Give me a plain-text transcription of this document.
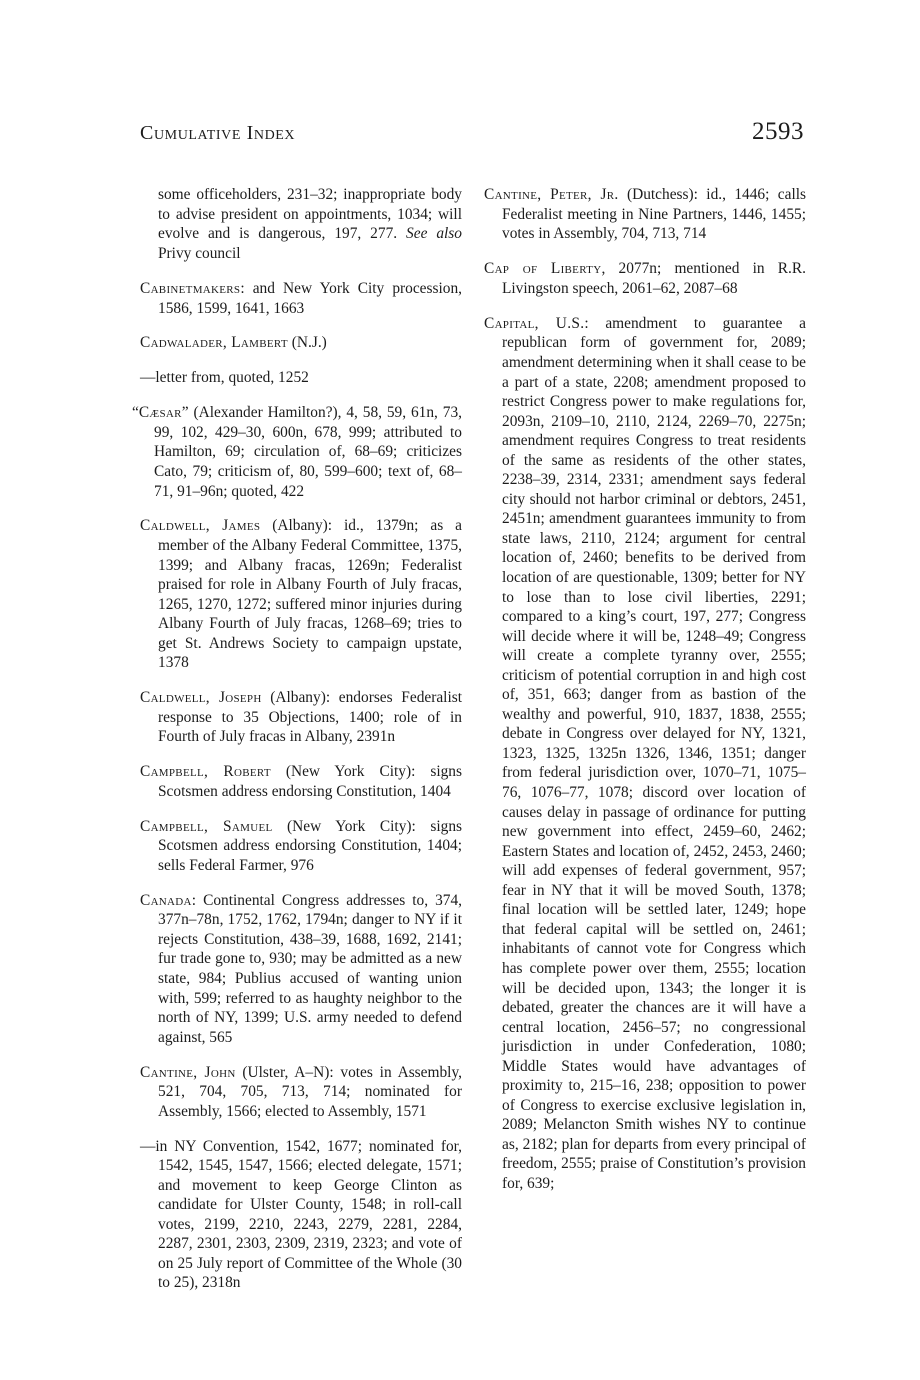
Cumulative Index	2593

some officeholders, 231–32; inappropriate body to advise president on appointments, 1034; will evolve and is dangerous, 197, 277. See also Privy council

Cabinetmakers: and New York City procession, 1586, 1599, 1641, 1663

Cadwalader, Lambert (N.J.)

—letter from, quoted, 1252

“Cæsar” (Alexander Hamilton?), 4, 58, 59, 61n, 73, 99, 102, 429–30, 600n, 678, 999; attributed to Hamilton, 69; circulation of, 68–69; criticizes Cato, 79; criticism of, 80, 599–600; text of, 68–71, 91–96n; quoted, 422

Caldwell, James (Albany): id., 1379n; as a member of the Albany Federal Committee, 1375, 1399; and Albany fracas, 1269n; Federalist praised for role in Albany Fourth of July fracas, 1265, 1270, 1272; suffered minor injuries during Albany Fourth of July fracas, 1268–69; tries to get St. Andrews Society to campaign upstate, 1378

Caldwell, Joseph (Albany): endorses Federalist response to 35 Objections, 1400; role of in Fourth of July fracas in Albany, 2391n

Campbell, Robert (New York City): signs Scotsmen address endorsing Constitution, 1404

Campbell, Samuel (New York City): signs Scotsmen address endorsing Constitution, 1404; sells Federal Farmer, 976

Canada: Continental Congress addresses to, 374, 377n–78n, 1752, 1762, 1794n; danger to NY if it rejects Constitution, 438–39, 1688, 1692, 2141; fur trade gone to, 930; may be admitted as a new state, 984; Publius accused of wanting union with, 599; referred to as haughty neighbor to the north of NY, 1399; U.S. army needed to defend against, 565

Cantine, John (Ulster, A–N): votes in Assembly, 521, 704, 705, 713, 714; nominated for Assembly, 1566; elected to Assembly, 1571

—in NY Convention, 1542, 1677; nominated for, 1542, 1545, 1547, 1566; elected delegate, 1571; and movement to keep George Clinton as candidate for Ulster County, 1548; in roll-call votes, 2199, 2210, 2243, 2279, 2281, 2284, 2287, 2301, 2303, 2309, 2319, 2323; and vote of on 25 July report of Committee of the Whole (30 to 25), 2318n

Cantine, Peter, Jr. (Dutchess): id., 1446; calls Federalist meeting in Nine Partners, 1446, 1455; votes in Assembly, 704, 713, 714

Cap of Liberty, 2077n; mentioned in R.R. Livingston speech, 2061–62, 2087–68

Capital, U.S.: amendment to guarantee a republican form of government for, 2089; amendment determining when it shall cease to be a part of a state, 2208; amendment proposed to restrict Congress power to make regulations for, 2093n, 2109–10, 2110, 2124, 2269–70, 2275n; amendment requires Congress to treat residents of the same as residents of the other states, 2238–39, 2314, 2331; amendment says federal city should not harbor criminal or debtors, 2451, 2451n; amendment guarantees immunity to from state laws, 2110, 2124; argument for central location of, 2460; benefits to be derived from location of are questionable, 1309; better for NY to lose than to lose civil liberties, 2291; compared to a king’s court, 197, 277; Congress will decide where it will be, 1248–49; Congress will create a complete tyranny over, 2555; criticism of potential corruption in and high cost of, 351, 663; danger from as bastion of the wealthy and powerful, 910, 1837, 1838, 2555; debate in Congress over delayed for NY, 1321, 1323, 1325, 1325n 1326, 1346, 1351; danger from federal jurisdiction over, 1070–71, 1075–76, 1076–77, 1078; discord over location of causes delay in passage of ordinance for putting new government into effect, 2459–60, 2462; Eastern States and location of, 2452, 2453, 2460; will add expenses of federal government, 957; fear in NY that it will be moved South, 1378; final location will be settled later, 1249; hope that federal capital will be settled on, 2461; inhabitants of cannot vote for Congress which has complete power over them, 2555; location will be decided upon, 1343; the longer it is debated, greater the chances are it will have a central location, 2456–57; no congressional jurisdiction in under Confederation, 1080; Middle States would have advantages of proximity to, 215–16, 238; opposition to power of Congress to exercise exclusive legislation in, 2089; Melancton Smith wishes NY to continue as, 2182; plan for departs from every principal of freedom, 2555; praise of Constitution’s provision for, 639;
